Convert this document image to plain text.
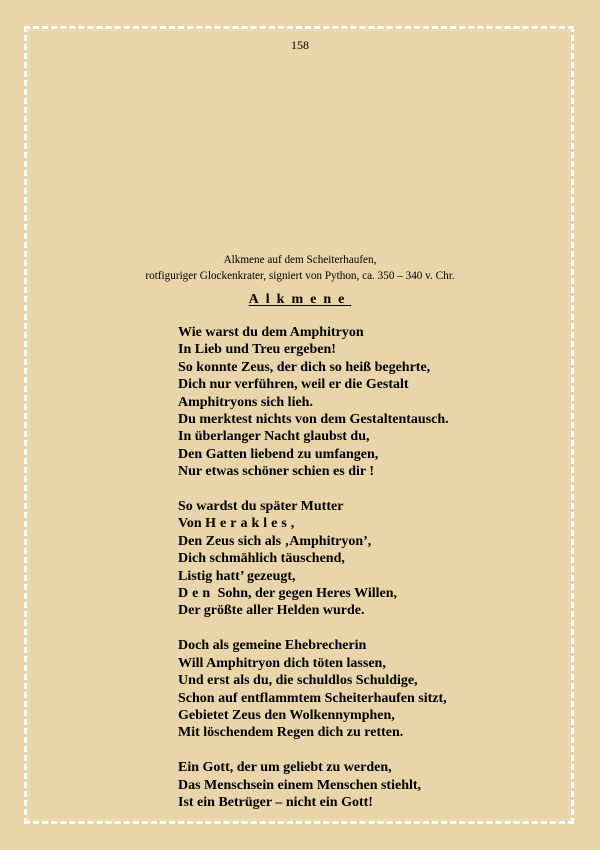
158
Alkmene auf dem Scheiterhaufen,
rotfiguriger Glockenkrater, signiert von Python, ca. 350 – 340 v. Chr.
Alkmene
Wie warst du dem Amphitryon
In Lieb und Treu ergeben!
So konnte Zeus, der dich so heiß begehrte,
Dich nur verführen, weil er die Gestalt
Amphitryons sich lieh.
Du merktest nichts von dem Gestaltentausch.
In überlanger Nacht glaubst du,
Den Gatten liebend zu umfangen,
Nur etwas schöner schien es dir !
So wardst du später Mutter
Von Herakles,
Den Zeus sich als ‚Amphitryon’,
Dich schmählich täuschend,
Listig hatt’ gezeugt,
Den Sohn, der gegen Heres Willen,
Der größte aller Helden wurde.
Doch als gemeine Ehebrecherin
Will Amphitryon dich töten lassen,
Und erst als du, die schuldlos Schuldige,
Schon auf entflammtem Scheiterhaufen sitzt,
Gebietet Zeus den Wolkennymphen,
Mit löschendem Regen dich zu retten.
Ein Gott, der um geliebt zu werden,
Das Menschsein einem Menschen stiehlt,
Ist ein Betrüger – nicht ein Gott!
